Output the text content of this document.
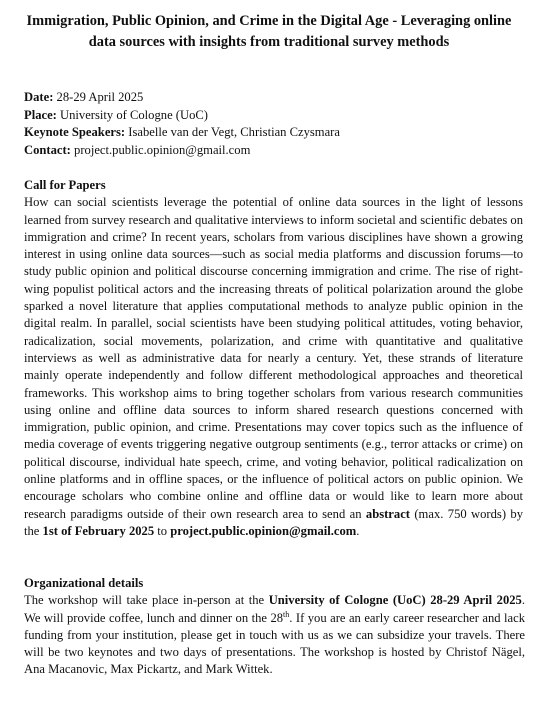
Immigration, Public Opinion, and Crime in the Digital Age - Leveraging online data sources with insights from traditional survey methods
Date: 28-29 April 2025
Place: University of Cologne (UoC)
Keynote Speakers: Isabelle van der Vegt, Christian Czysmara
Contact: project.public.opinion@gmail.com
Call for Papers
How can social scientists leverage the potential of online data sources in the light of lessons learned from survey research and qualitative interviews to inform societal and scientific debates on immigration and crime? In recent years, scholars from various disciplines have shown a growing interest in using online data sources—such as social media platforms and discussion forums—to study public opinion and political discourse concerning immigration and crime. The rise of right-wing populist political actors and the increasing threats of political polarization around the globe sparked a novel literature that applies computational methods to analyze public opinion in the digital realm. In parallel, social scientists have been studying political attitudes, voting behavior, radicalization, social movements, polarization, and crime with quantitative and qualitative interviews as well as administrative data for nearly a century. Yet, these strands of literature mainly operate independently and follow different methodological approaches and theoretical frameworks. This workshop aims to bring together scholars from various research communities using online and offline data sources to inform shared research questions concerned with immigration, public opinion, and crime. Presentations may cover topics such as the influence of media coverage of events triggering negative outgroup sentiments (e.g., terror attacks or crime) on political discourse, individual hate speech, crime, and voting behavior, political radicalization on online platforms and in offline spaces, or the influence of political actors on public opinion. We encourage scholars who combine online and offline data or would like to learn more about research paradigms outside of their own research area to send an abstract (max. 750 words) by the 1st of February 2025 to project.public.opinion@gmail.com.
Organizational details
The workshop will take place in-person at the University of Cologne (UoC) 28-29 April 2025. We will provide coffee, lunch and dinner on the 28th. If you are an early career researcher and lack funding from your institution, please get in touch with us as we can subsidize your travels. There will be two keynotes and two days of presentations. The workshop is hosted by Christof Nägel, Ana Macanovic, Max Pickartz, and Mark Wittek.
